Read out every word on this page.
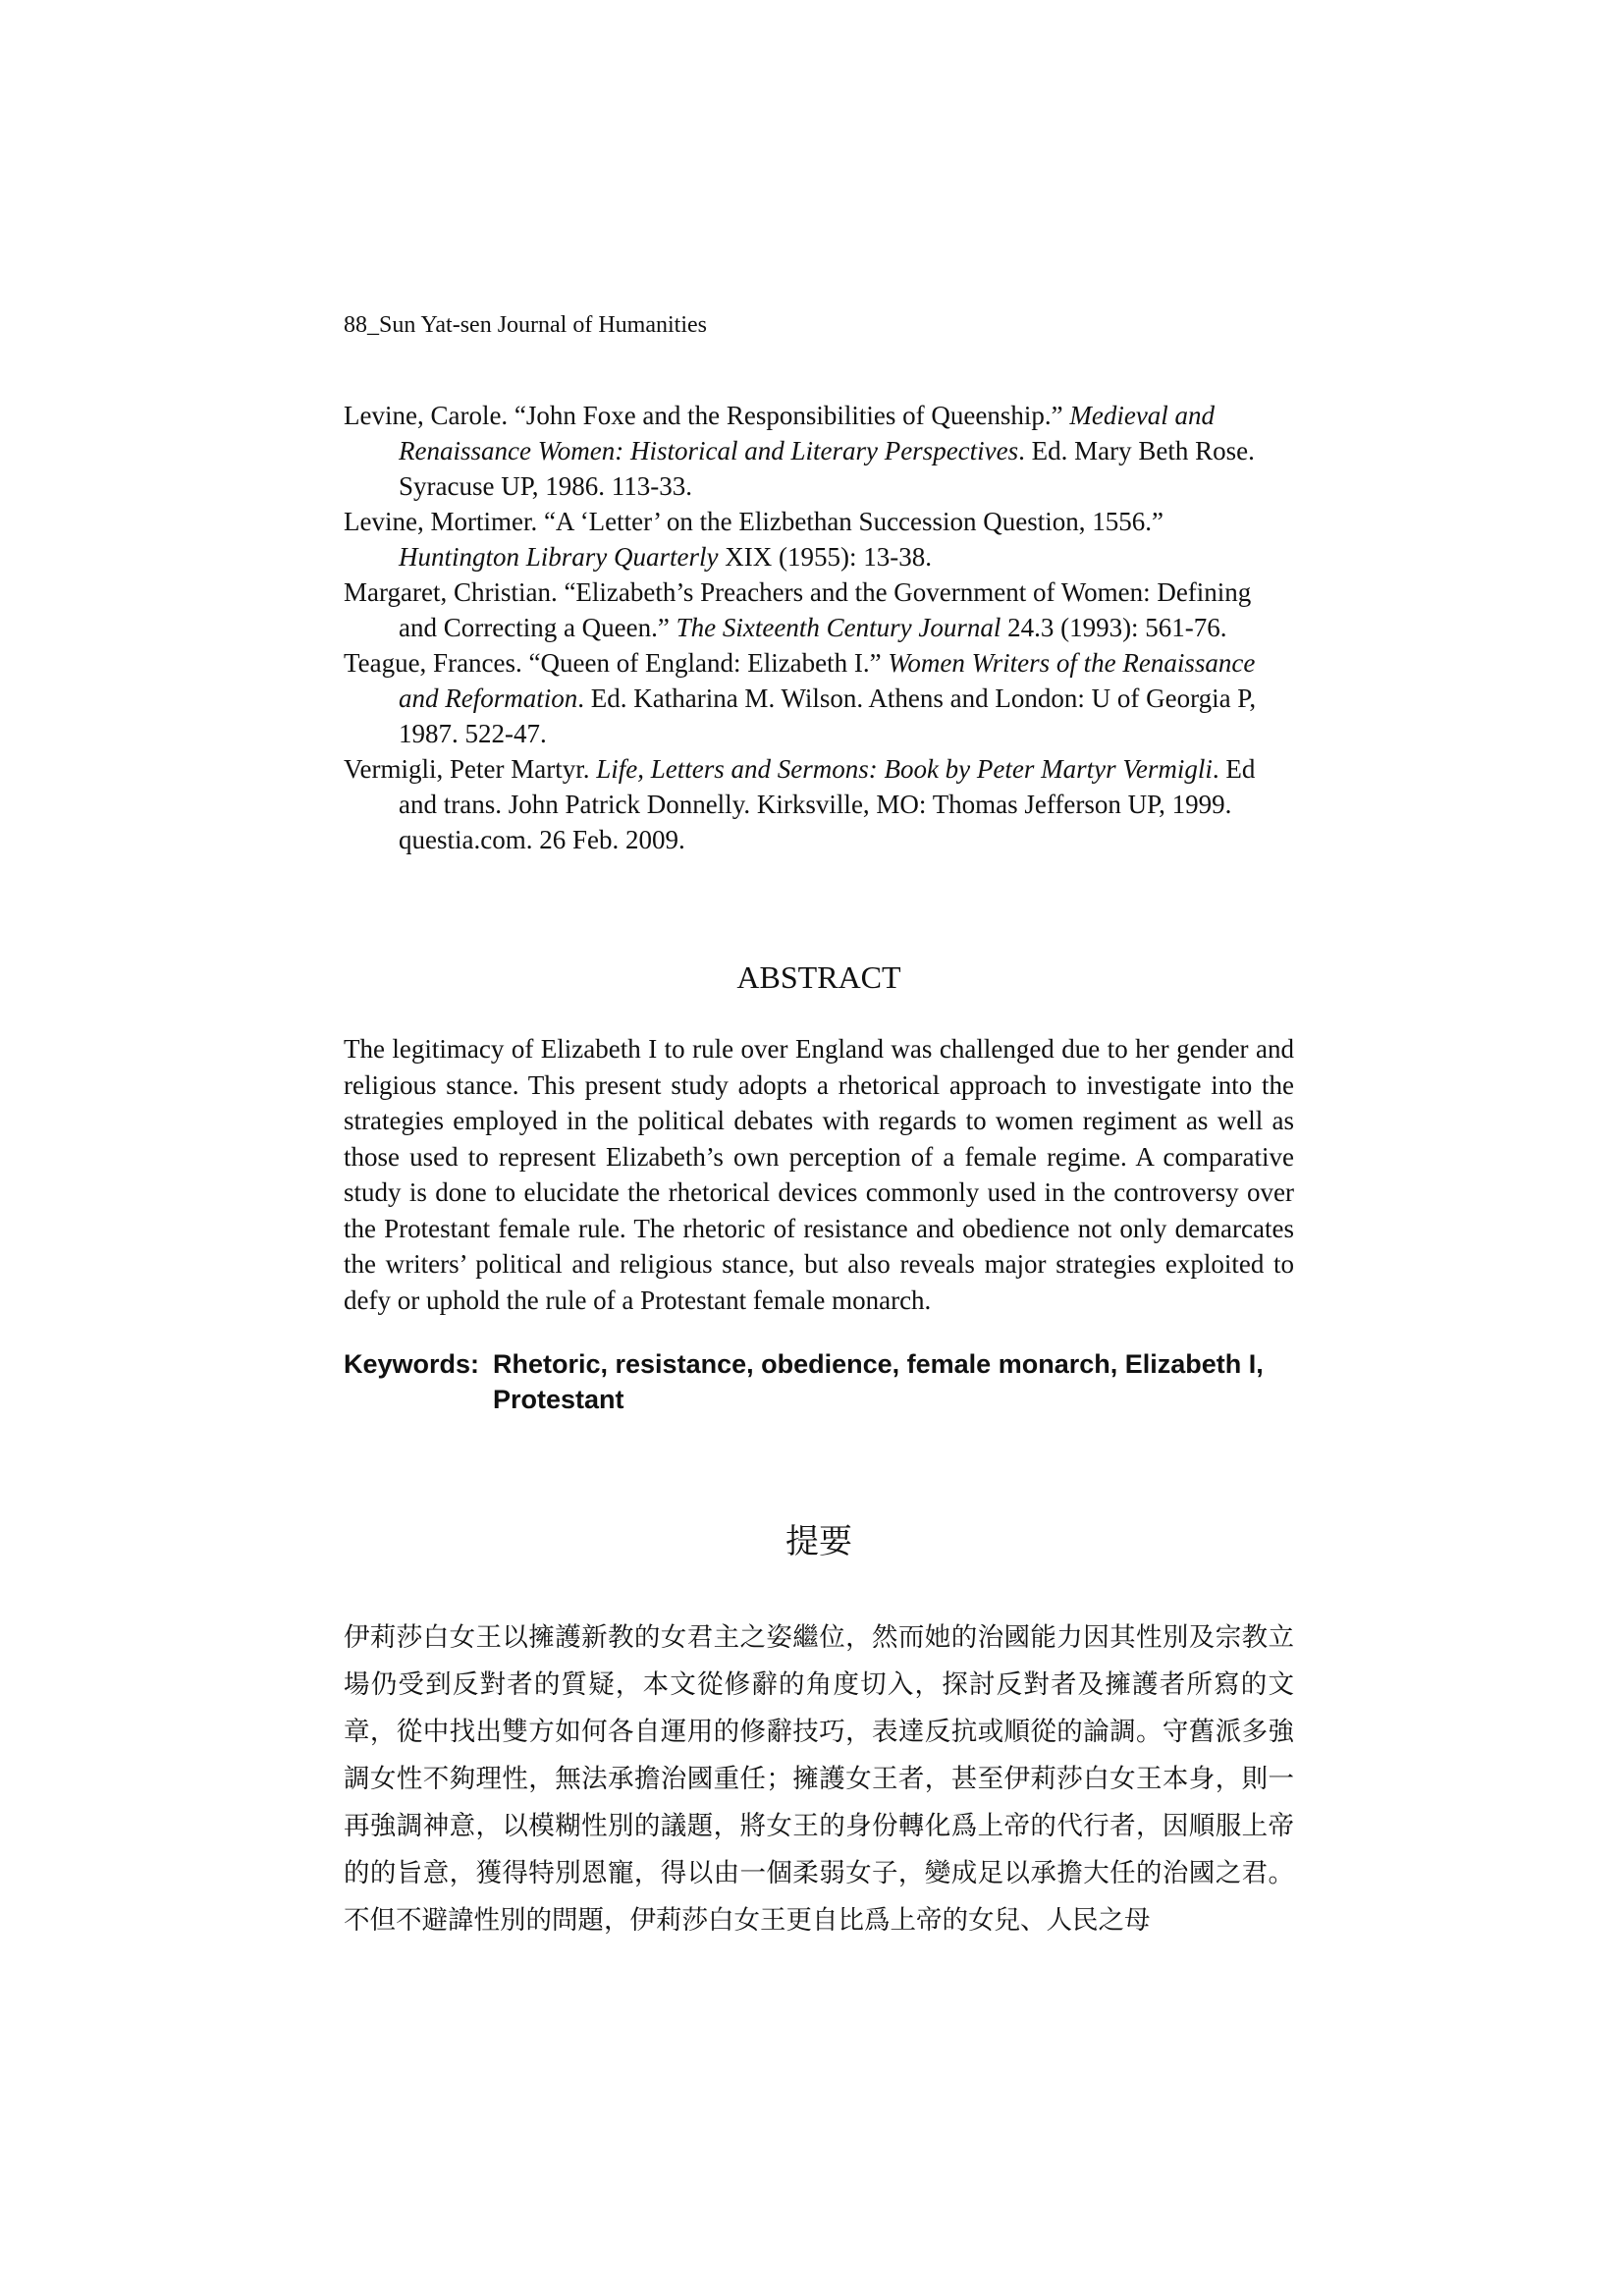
88_Sun Yat-sen Journal of Humanities

Levine, Carole. “John Foxe and the Responsibilities of Queenship.” Medieval and Renaissance Women: Historical and Literary Perspectives. Ed. Mary Beth Rose. Syracuse UP, 1986. 113-33.

Levine, Mortimer. “A ‘Letter’ on the Elizbethan Succession Question, 1556.” Huntington Library Quarterly XIX (1955): 13-38.

Margaret, Christian. “Elizabeth’s Preachers and the Government of Women: Defining and Correcting a Queen.” The Sixteenth Century Journal 24.3 (1993): 561-76.

Teague, Frances. “Queen of England: Elizabeth I.” Women Writers of the Renaissance and Reformation. Ed. Katharina M. Wilson. Athens and London: U of Georgia P, 1987. 522-47.

Vermigli, Peter Martyr. Life, Letters and Sermons: Book by Peter Martyr Vermigli. Ed and trans. John Patrick Donnelly. Kirksville, MO: Thomas Jefferson UP, 1999. questia.com. 26 Feb. 2009.

ABSTRACT

The legitimacy of Elizabeth I to rule over England was challenged due to her gender and religious stance. This present study adopts a rhetorical approach to investigate into the strategies employed in the political debates with regards to women regiment as well as those used to represent Elizabeth’s own perception of a female regime. A comparative study is done to elucidate the rhetorical devices commonly used in the controversy over the Protestant female rule. The rhetoric of resistance and obedience not only demarcates the writers’ political and religious stance, but also reveals major strategies exploited to defy or uphold the rule of a Protestant female monarch.

Keywords: Rhetoric, resistance, obedience, female monarch, Elizabeth I, Protestant
提要

伊莉莎白女王以擁護新教的女君主之姿繼位，然而她的治國能力因其性別及宗教立場仍受到反對者的質疑，本文從修辭的角度切入，探討反對者及擁護者所寫的文章，從中找出雙方如何各自運用的修辭技巧，表達反抗或順從的論調。守舊派多強調女性不夠理性，無法承擔治國重任；擁護女王者，甚至伊莉莎白女王本身，則一再強調神意，以模糊性別的議題，將女王的身份轉化爲上帝的代行者，因順服上帝的的旨意，獲得特別恩寵，得以由一個柔弱女子，變成足以承擔大任的治國之君。不但不避諱性別的問題，伊莉莎白女王更自比爲上帝的女兒、人民之母
